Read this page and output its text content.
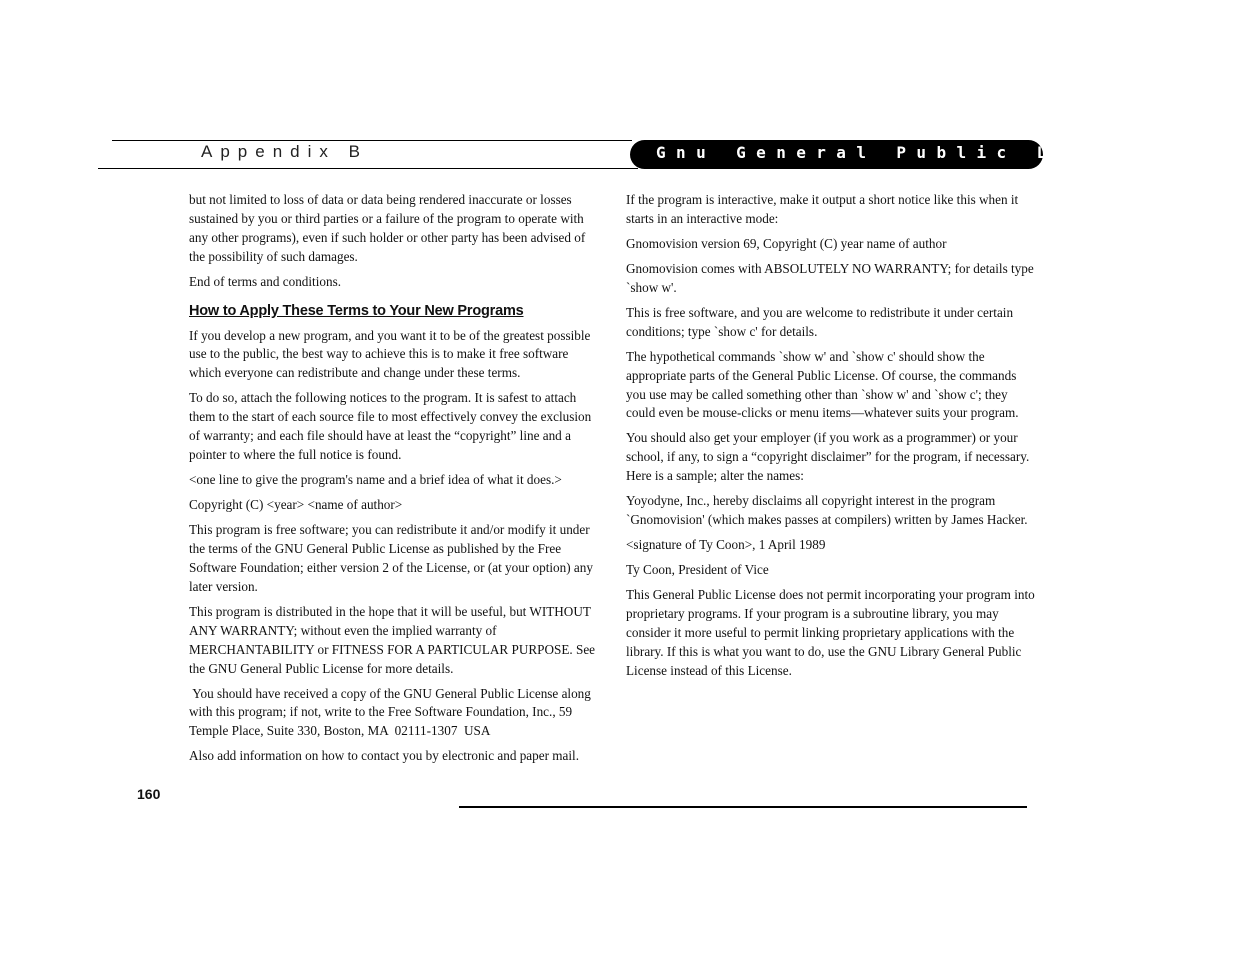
Appendix B	Gnu General Public License

but not limited to loss of data or data being rendered inaccurate or losses sustained by you or third parties or a failure of the program to operate with any other programs), even if such holder or other party has been advised of the possibility of such damages.

End of terms and conditions.

How to Apply These Terms to Your New Programs

If you develop a new program, and you want it to be of the greatest possible use to the public, the best way to achieve this is to make it free software which everyone can redistribute and change under these terms.

To do so, attach the following notices to the program. It is safest to attach them to the start of each source file to most effectively convey the exclusion of warranty; and each file should have at least the “copyright” line and a pointer to where the full notice is found.

<one line to give the program's name and a brief idea of what it does.>

Copyright (C) <year> <name of author>

This program is free software; you can redistribute it and/or modify it under the terms of the GNU General Public License as published by the Free Software Foundation; either version 2 of the License, or (at your option) any later version.

This program is distributed in the hope that it will be useful, but WITHOUT ANY WARRANTY; without even the implied warranty of MERCHANTABILITY or FITNESS FOR A PARTICULAR PURPOSE. See the GNU General Public License for more details.

You should have received a copy of the GNU General Public License along with this program; if not, write to the Free Software Foundation, Inc., 59 Temple Place, Suite 330, Boston, MA  02111-1307  USA

Also add information on how to contact you by electronic and paper mail.

If the program is interactive, make it output a short notice like this when it starts in an interactive mode:

Gnomovision version 69, Copyright (C) year name of author

Gnomovision comes with ABSOLUTELY NO WARRANTY; for details type `show w'.

This is free software, and you are welcome to redistribute it under certain conditions; type `show c' for details.

The hypothetical commands `show w' and `show c' should show the appropriate parts of the General Public License. Of course, the commands you use may be called something other than `show w' and `show c'; they could even be mouse-clicks or menu items—whatever suits your program.

You should also get your employer (if you work as a programmer) or your school, if any, to sign a “copyright disclaimer” for the program, if necessary. Here is a sample; alter the names:

Yoyodyne, Inc., hereby disclaims all copyright interest in the program `Gnomovision' (which makes passes at compilers) written by James Hacker.

<signature of Ty Coon>, 1 April 1989

Ty Coon, President of Vice

This General Public License does not permit incorporating your program into proprietary programs. If your program is a subroutine library, you may consider it more useful to permit linking proprietary applications with the library. If this is what you want to do, use the GNU Library General Public License instead of this License.

160
